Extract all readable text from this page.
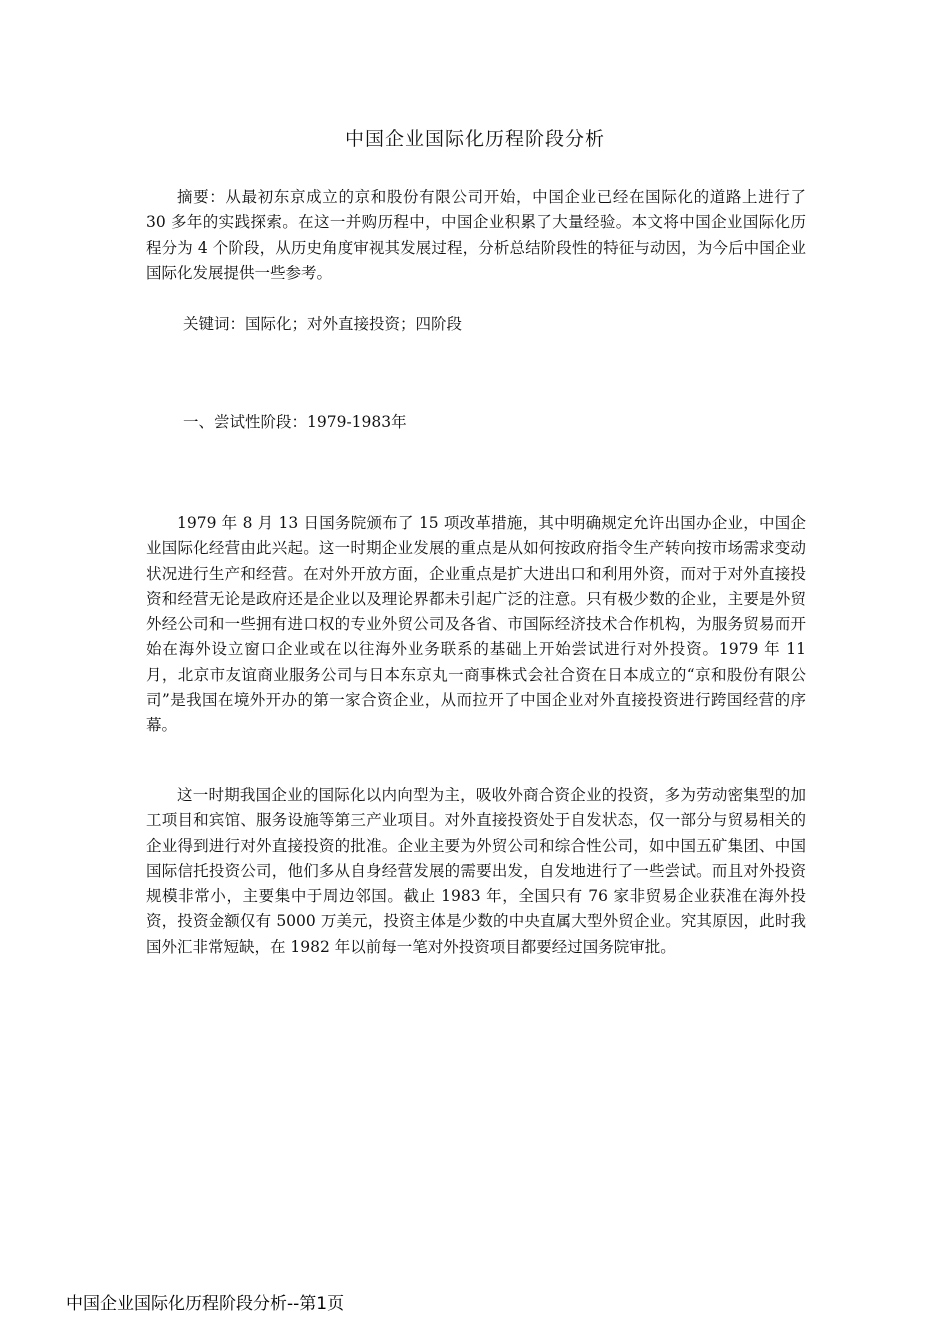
中国企业国际化历程阶段分析

摘要：从最初东京成立的京和股份有限公司开始，中国企业已经在国际化的道路上进行了 30 多年的实践探索。在这一并购历程中，中国企业积累了大量经验。本文将中国企业国际化历程分为 4 个阶段，从历史角度审视其发展过程，分析总结阶段性的特征与动因，为今后中国企业国际化发展提供一些参考。

关键词：国际化；对外直接投资；四阶段

一、尝试性阶段：1979-1983年

1979 年 8 月 13 日国务院颁布了 15 项改革措施，其中明确规定允许出国办企业，中国企业国际化经营由此兴起。这一时期企业发展的重点是从如何按政府指令生产转向按市场需求变动状况进行生产和经营。在对外开放方面，企业重点是扩大进出口和利用外资，而对于对外直接投资和经营无论是政府还是企业以及理论界都未引起广泛的注意。只有极少数的企业，主要是外贸外经公司和一些拥有进口权的专业外贸公司及各省、市国际经济技术合作机构，为服务贸易而开始在海外设立窗口企业或在以往海外业务联系的基础上开始尝试进行对外投资。1979 年 11 月，北京市友谊商业服务公司与日本东京丸一商事株式会社合资在日本成立的“京和股份有限公司”是我国在境外开办的第一家合资企业，从而拉开了中国企业对外直接投资进行跨国经营的序幕。

这一时期我国企业的国际化以内向型为主，吸收外商合资企业的投资，多为劳动密集型的加工项目和宾馆、服务设施等第三产业项目。对外直接投资处于自发状态，仅一部分与贸易相关的企业得到进行对外直接投资的批准。企业主要为外贸公司和综合性公司，如中国五矿集团、中国国际信托投资公司，他们多从自身经营发展的需要出发，自发地进行了一些尝试。而且对外投资规模非常小，主要集中于周边邻国。截止 1983 年，全国只有 76 家非贸易企业获准在海外投资，投资金额仅有 5000 万美元，投资主体是少数的中央直属大型外贸企业。究其原因，此时我国外汇非常短缺，在 1982 年以前每一笔对外投资项目都要经过国务院审批。

中国企业国际化历程阶段分析--第1页
